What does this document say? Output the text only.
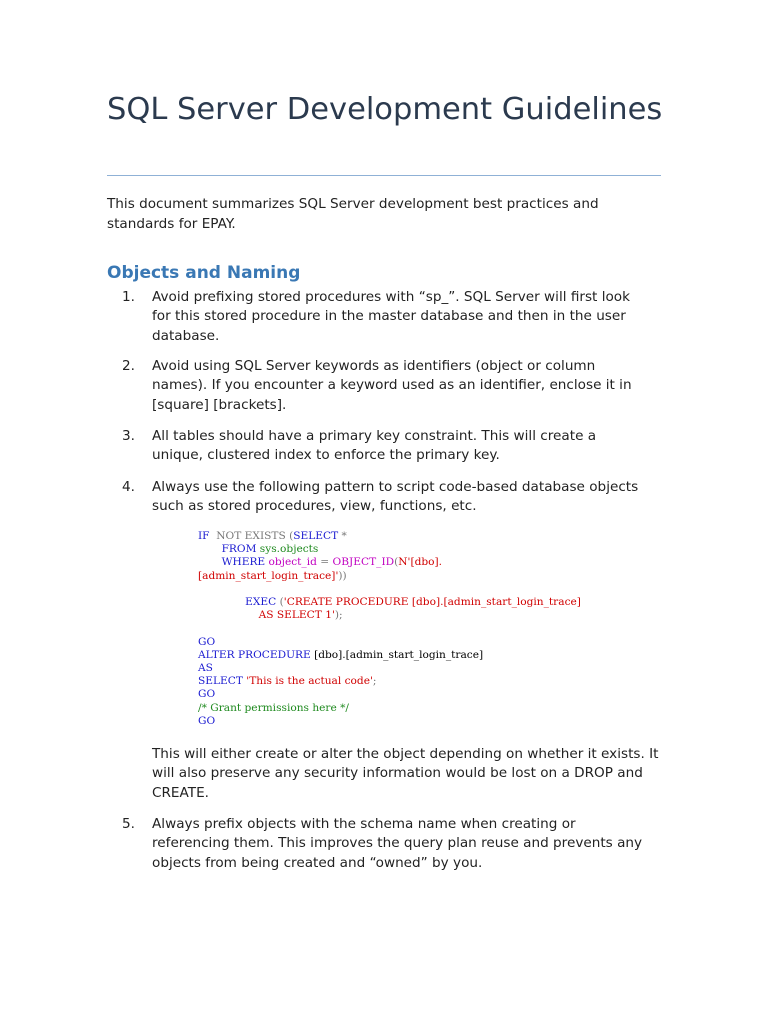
SQL Server Development Guidelines

This document summarizes SQL Server development best practices and standards for EPAY.

Objects and Naming
1.	Avoid prefixing stored procedures with “sp_”. SQL Server will first look for this stored procedure in the master database and then in the user database.
2.	Avoid using SQL Server keywords as identifiers (object or column names). If you encounter a keyword used as an identifier, enclose it in [square] [brackets].
3.	All tables should have a primary key constraint. This will create a unique, clustered index to enforce the primary key.
4.	Always use the following pattern to script code-based database objects such as stored procedures, view, functions, etc.
IF  NOT EXISTS (SELECT *
FROM sys.objects
WHERE object_id = OBJECT_ID(N'[dbo].
[admin_start_login_trace]'))

EXEC ('CREATE PROCEDURE [dbo].[admin_start_login_trace]
AS SELECT 1');

GO
ALTER PROCEDURE [dbo].[admin_start_login_trace]
AS
SELECT 'This is the actual code';
GO
/* Grant permissions here */
GO

This will either create or alter the object depending on whether it exists. It will also preserve any security information would be lost on a DROP and CREATE.

5.	Always prefix objects with the schema name when creating or referencing them. This improves the query plan reuse and prevents any objects from being created and “owned” by you.
